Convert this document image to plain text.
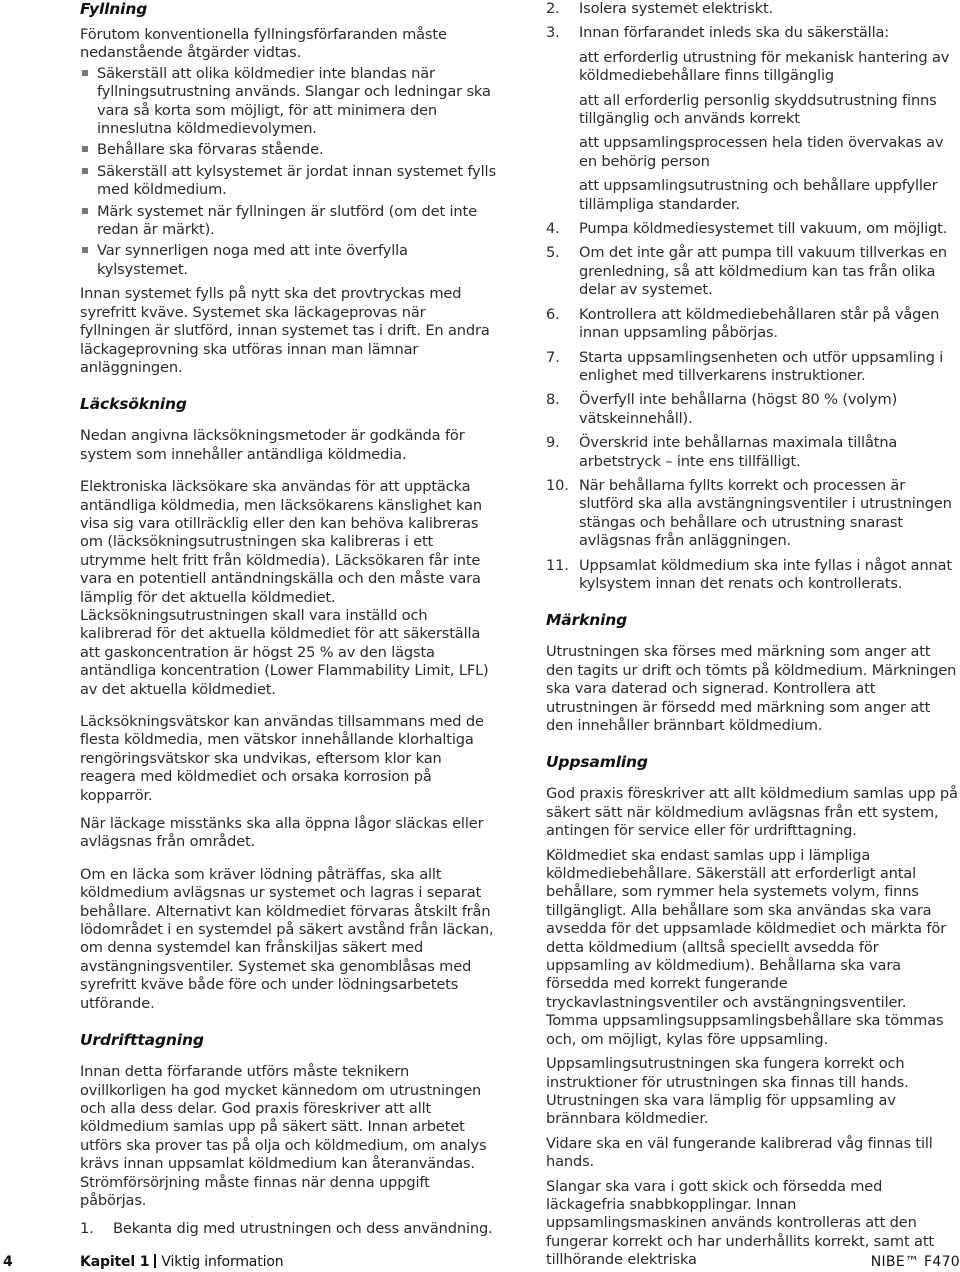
Fyllning

Förutom konventionella fyllningsförfaranden måste nedanstående åtgärder vidtas.

Säkerställ att olika köldmedier inte blandas när fyllningsutrustning används. Slangar och ledningar ska vara så korta som möjligt, för att minimera den inneslutna köldmedievolymen.
Behållare ska förvaras stående.
Säkerställ att kylsystemet är jordat innan systemet fylls med köldmedium.
Märk systemet när fyllningen är slutförd (om det inte redan är märkt).
Var synnerligen noga med att inte överfylla kylsystemet.

Innan systemet fylls på nytt ska det provtryckas med syrefritt kväve. Systemet ska läckageprovas när fyllningen är slutförd, innan systemet tas i drift. En andra läckageprovning ska utföras innan man lämnar anläggningen.

Läcksökning

Nedan angivna läcksökningsmetoder är godkända för system som innehåller antändliga köldmedia.

Elektroniska läcksökare ska användas för att upptäcka antändliga köldmedia, men läcksökarens känslighet kan visa sig vara otillräcklig eller den kan behöva kalibreras om (läcksökningsutrustningen ska kalibreras i ett utrymme helt fritt från köldmedia). Läcksökaren får inte vara en potentiell antändningskälla och den måste vara lämplig för det aktuella köldmediet. Läcksökningsutrustningen skall vara inställd och kalibrerad för det aktuella köldmediet för att säkerställa att gaskoncentration är högst 25 % av den lägsta antändliga koncentration (Lower Flammability Limit, LFL) av det aktuella köldmediet.

Läcksökningsvätskor kan användas tillsammans med de flesta köldmedia, men vätskor innehållande klorhaltiga rengöringsvätskor ska undvikas, eftersom klor kan reagera med köldmediet och orsaka korrosion på kopparrör.

När läckage misstänks ska alla öppna lågor släckas eller avlägsnas från området.

Om en läcka som kräver lödning påträffas, ska allt köldmedium avlägsnas ur systemet och lagras i separat behållare. Alternativt kan köldmediet förvaras åtskilt från lödområdet i en systemdel på säkert avstånd från läckan, om denna systemdel kan frånskiljas säkert med avstängningsventiler. Systemet ska genomblåsas med syrefritt kväve både före och under lödningsarbetets utförande.

Urdrifttagning

Innan detta förfarande utförs måste teknikern ovillkorligen ha god mycket kännedom om utrustningen och alla dess delar. God praxis föreskriver att allt köldmedium samlas upp på säkert sätt. Innan arbetet utförs ska prover tas på olja och köldmedium, om analys krävs innan uppsamlat köldmedium kan återanvändas. Strömförsörjning måste finnas när denna uppgift påbörjas.

1. Bekanta dig med utrustningen och dess användning.
2. Isolera systemet elektriskt.
3. Innan förfarandet inleds ska du säkerställa:

att erforderlig utrustning för mekanisk hantering av köldmediebehållare finns tillgänglig

att all erforderlig personlig skyddsutrustning finns tillgänglig och används korrekt

att uppsamlingsprocessen hela tiden övervakas av en behörig person

att uppsamlingsutrustning och behållare uppfyller tillämpliga standarder.

4. Pumpa köldmediesystemet till vakuum, om möjligt.
5. Om det inte går att pumpa till vakuum tillverkas en grenledning, så att köldmedium kan tas från olika delar av systemet.
6. Kontrollera att köldmediebehållaren står på vågen innan uppsamling påbörjas.
7. Starta uppsamlingsenheten och utför uppsamling i enlighet med tillverkarens instruktioner.
8. Överfyll inte behållarna (högst 80 % (volym) vätskeinnehåll).
9. Överskrid inte behållarnas maximala tillåtna arbetstryck – inte ens tillfälligt.
10. När behållarna fyllts korrekt och processen är slutförd ska alla avstängningsventiler i utrustningen stängas och behållare och utrustning snarast avlägsnas från anläggningen.
11. Uppsamlat köldmedium ska inte fyllas i något annat kylsystem innan det renats och kontrollerats.
Märkning

Utrustningen ska förses med märkning som anger att den tagits ur drift och tömts på köldmedium. Märkningen ska vara daterad och signerad. Kontrollera att utrustningen är försedd med märkning som anger att den innehåller brännbart köldmedium.

Uppsamling

God praxis föreskriver att allt köldmedium samlas upp på säkert sätt när köldmedium avlägsnas från ett system, antingen för service eller för urdrifttagning.

Köldmediet ska endast samlas upp i lämpliga köldmediebehållare. Säkerställ att erforderligt antal behållare, som rymmer hela systemets volym, finns tillgängligt. Alla behållare som ska användas ska vara avsedda för det uppsamlade köldmediet och märkta för detta köldmedium (alltså speciellt avsedda för uppsamling av köldmedium). Behållarna ska vara försedda med korrekt fungerande tryckavlastningsventiler och avstängningsventiler. Tomma uppsamlingsuppsamlingsbehållare ska tömmas och, om möjligt, kylas före uppsamling.

Uppsamlingsutrustningen ska fungera korrekt och instruktioner för utrustningen ska finnas till hands. Utrustningen ska vara lämplig för uppsamling av brännbara köldmedier.

Vidare ska en väl fungerande kalibrerad våg finnas till hands.

Slangar ska vara i gott skick och försedda med läckagefria snabbkopplingar. Innan uppsamlingsmaskinen används kontrolleras att den fungerar korrekt och har underhållits korrekt, samt att tillhörande elektriska

4	Kapitel 1 Viktig information	NIBE™ F470
